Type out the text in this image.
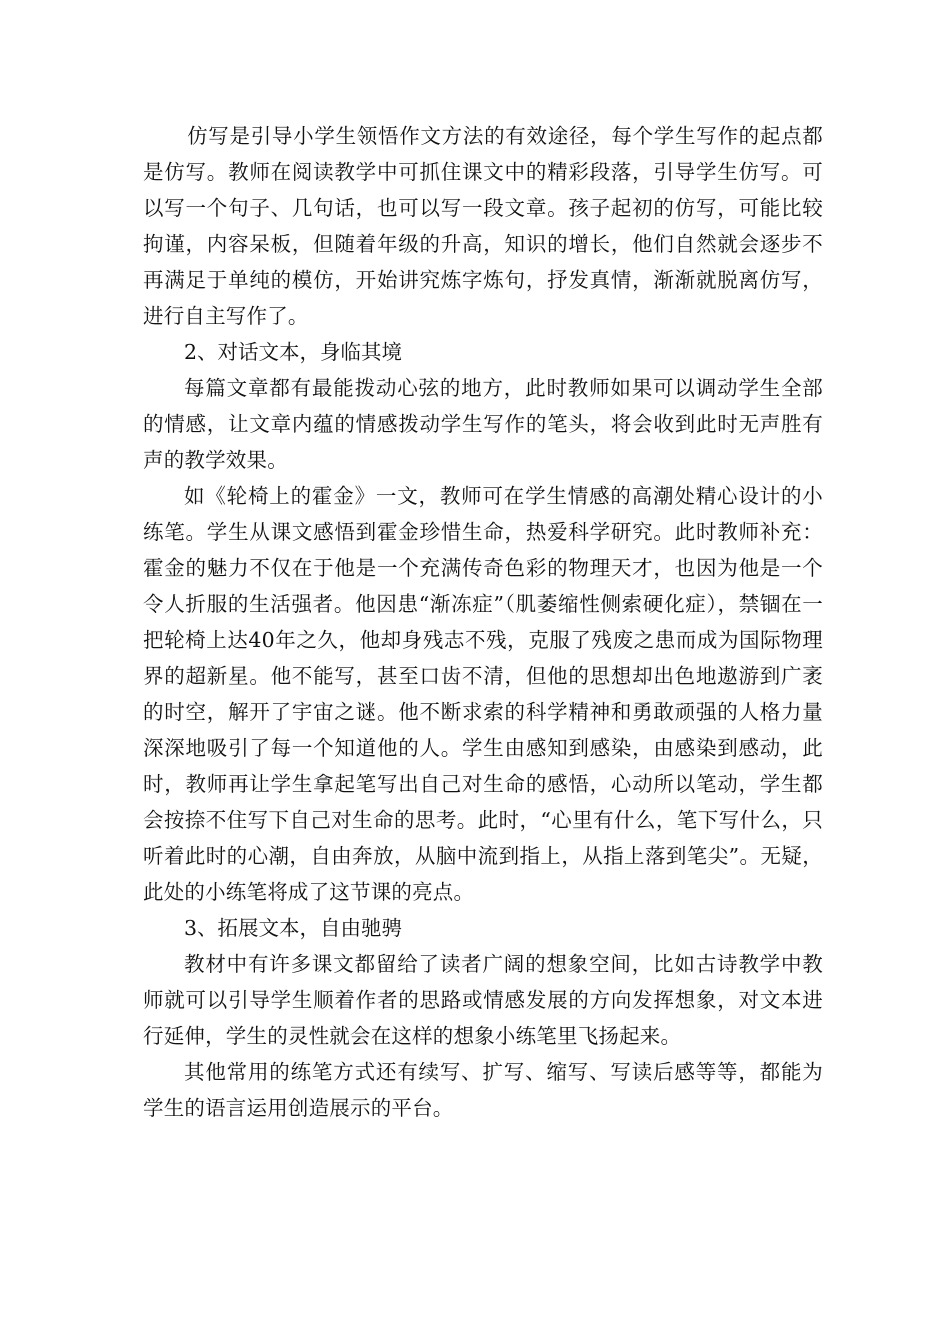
仿写是引导小学生领悟作文方法的有效途径，每个学生写作的起点都是仿写。教师在阅读教学中可抓住课文中的精彩段落，引导学生仿写。可以写一个句子、几句话，也可以写一段文章。孩子起初的仿写，可能比较拘谨，内容呆板，但随着年级的升高，知识的增长，他们自然就会逐步不再满足于单纯的模仿，开始讲究炼字炼句，抒发真情，渐渐就脱离仿写，进行自主写作了。

2、对话文本，身临其境

每篇文章都有最能拨动心弦的地方，此时教师如果可以调动学生全部的情感，让文章内蕴的情感拨动学生写作的笔头，将会收到此时无声胜有声的教学效果。

如《轮椅上的霍金》一文，教师可在学生情感的高潮处精心设计的小练笔。学生从课文感悟到霍金珍惜生命，热爱科学研究。此时教师补充：霍金的魅力不仅在于他是一个充满传奇色彩的物理天才，也因为他是一个令人折服的生活强者。他因患“渐冻症”（肌萎缩性侧索硬化症），禁锢在一把轮椅上达40年之久，他却身残志不残，克服了残废之患而成为国际物理界的超新星。他不能写，甚至口齿不清，但他的思想却出色地遨游到广袤的时空，解开了宇宙之谜。他不断求索的科学精神和勇敢顽强的人格力量深深地吸引了每一个知道他的人。学生由感知到感染，由感染到感动，此时，教师再让学生拿起笔写出自己对生命的感悟，心动所以笔动，学生都会按捺不住写下自己对生命的思考。此时，“心里有什么，笔下写什么，只听着此时的心潮，自由奔放，从脑中流到指上，从指上落到笔尖”。无疑，此处的小练笔将成了这节课的亮点。

3、拓展文本，自由驰骋

教材中有许多课文都留给了读者广阔的想象空间，比如古诗教学中教师就可以引导学生顺着作者的思路或情感发展的方向发挥想象，对文本进行延伸，学生的灵性就会在这样的想象小练笔里飞扬起来。

其他常用的练笔方式还有续写、扩写、缩写、写读后感等等，都能为学生的语言运用创造展示的平台。
